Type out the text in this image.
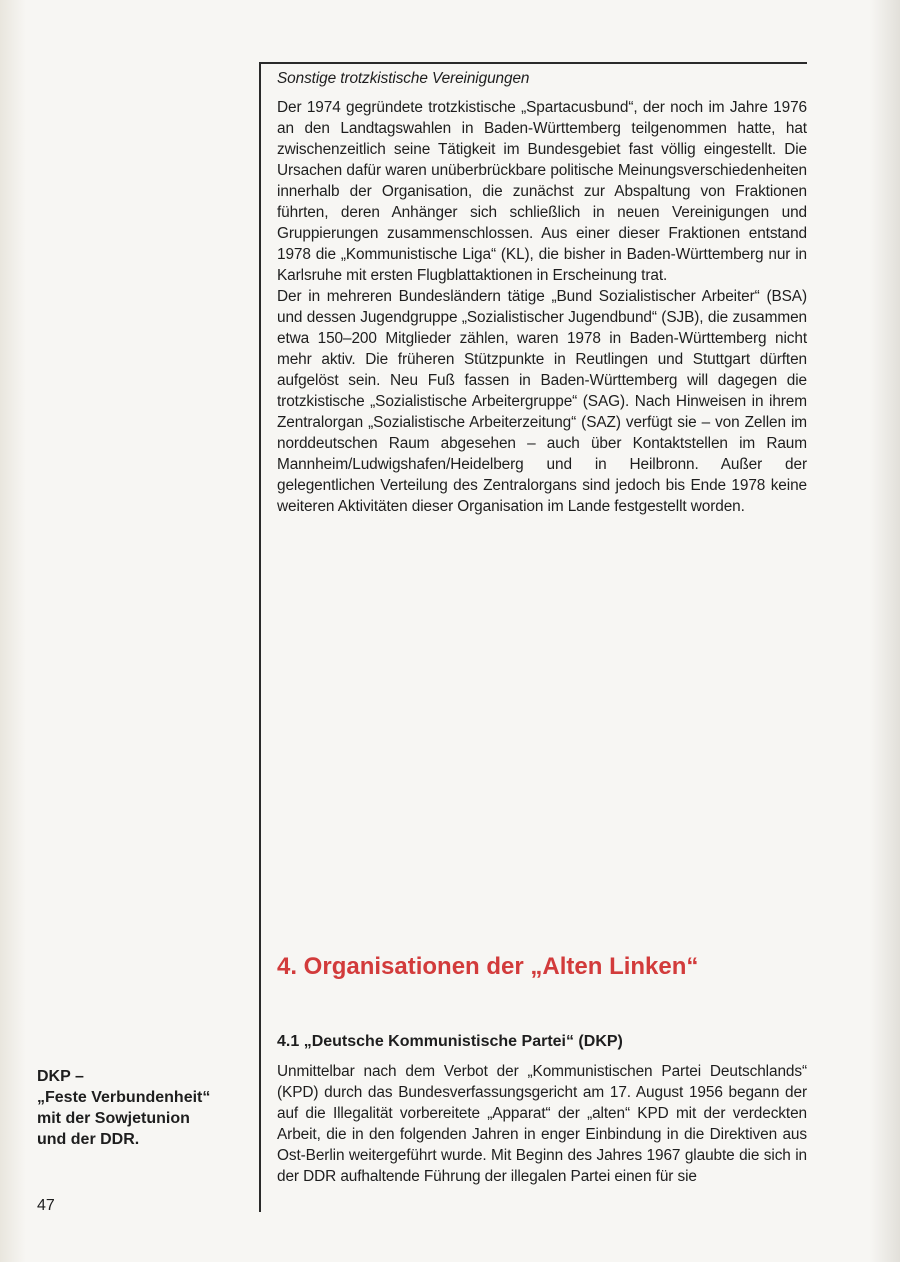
Sonstige trotzkistische Vereinigungen

Der 1974 gegründete trotzkistische „Spartacusbund“, der noch im Jahre 1976 an den Landtagswahlen in Baden-Württemberg teilgenommen hatte, hat zwischenzeitlich seine Tätigkeit im Bundesgebiet fast völlig eingestellt. Die Ursachen dafür waren unüberbrückbare politische Meinungsverschiedenheiten innerhalb der Organisation, die zunächst zur Abspaltung von Fraktionen führten, deren Anhänger sich schließlich in neuen Vereinigungen und Gruppierungen zusammenschlossen. Aus einer dieser Fraktionen entstand 1978 die „Kommunistische Liga“ (KL), die bisher in Baden-Württemberg nur in Karlsruhe mit ersten Flugblattaktionen in Erscheinung trat.

Der in mehreren Bundesländern tätige „Bund Sozialistischer Arbeiter“ (BSA) und dessen Jugendgruppe „Sozialistischer Jugendbund“ (SJB), die zusammen etwa 150–200 Mitglieder zählen, waren 1978 in Baden-Württemberg nicht mehr aktiv. Die früheren Stützpunkte in Reutlingen und Stuttgart dürften aufgelöst sein. Neu Fuß fassen in Baden-Württemberg will dagegen die trotzkistische „Sozialistische Arbeitergruppe“ (SAG). Nach Hinweisen in ihrem Zentralorgan „Sozialistische Arbeiterzeitung“ (SAZ) verfügt sie – von Zellen im norddeutschen Raum abgesehen – auch über Kontaktstellen im Raum Mannheim/Ludwigshafen/Heidelberg und in Heilbronn. Außer der gelegentlichen Verteilung des Zentralorgans sind jedoch bis Ende 1978 keine weiteren Aktivitäten dieser Organisation im Lande festgestellt worden.

4. Organisationen der „Alten Linken“
4.1 „Deutsche Kommunistische Partei“ (DKP)

Unmittelbar nach dem Verbot der „Kommunistischen Partei Deutschlands“ (KPD) durch das Bundesverfassungsgericht am 17. August 1956 begann der auf die Illegalität vorbereitete „Apparat“ der „alten“ KPD mit der verdeckten Arbeit, die in den folgenden Jahren in enger Einbindung in die Direktiven aus Ost-Berlin weitergeführt wurde. Mit Beginn des Jahres 1967 glaubte die sich in der DDR aufhaltende Führung der illegalen Partei einen für sie

DKP –
„Feste Verbundenheit“
mit der Sowjetunion
und der DDR.
47
